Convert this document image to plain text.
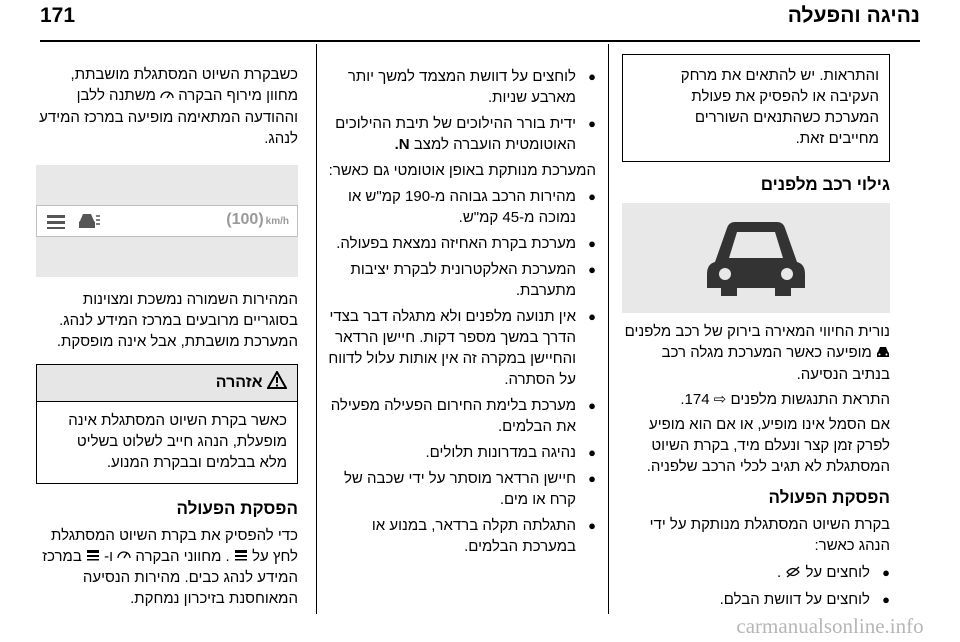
נהיגה והפעלה
171

והתראות. יש להתאים את מרחק

העקיבה או להפסיק את פעולת

המערכת כשהתנאים השוררים

מחייבים זאת.

גילוי רכב מלפנים

נורית החיווי המאירה בירוק של רכב מלפנים  מופיעה כאשר המערכת מגלה רכב בנתיב הנסיעה.

התראת התנגשות מלפנים ⇨ 174.

אם הסמל אינו מופיע, או אם הוא מופיע לפרק זמן קצר ונעלם מיד, בקרת השיוט המסתגלת לא תגיב לכלי הרכב שלפניה.

הפסקת הפעולה

בקרת השיוט המסתגלת מנותקת על ידי הנהג כאשר:

● לוחצים על  .
● לוחצים על דוושת הבלם.
● לוחצים על דוושת המצמד למשך יותר מארבע שניות.
● ידית בורר ההילוכים של תיבת ההילוכים האוטומטית הועברה למצב N.

המערכת מנותקת באופן אוטומטי גם כאשר:

● מהירות הרכב גבוהה מ-190 קמ"ש או נמוכה מ-45 קמ"ש.
● מערכת בקרת האחיזה נמצאת בפעולה.
● המערכת האלקטרונית לבקרת יציבות מתערבת.
● אין תנועה מלפנים ולא מתגלה דבר בצדי הדרך במשך מספר דקות. חיישן הרדאר והחיישן במקרה זה אין אותות עלול לדווח על הסתרה.
● מערכת בלימת החירום הפעילה מפעילה את הבלמים.
● נהיגה במדרונות תלולים.
● חיישן הרדאר מוסתר על ידי שכבה של קרח או מים.
● התגלתה תקלה ברדאר, במנוע או במערכת הבלמים.

כשבקרת השיוט המסתגלת מושבתת, מחוון מירוף הבקרה  משתנה ללבן וההודעה המתאימה מופיעה במרכז המידע לנהג.

(100) km/h

המהירות השמורה נמשכת ומצוינות בסוגריים מרובעים במרכז המידע לנהג. המערכת מושבתת, אבל אינה מופסקת.

אזהרה

כאשר בקרת השיוט המסתגלת אינה

מופעלת, הנהג חייב לשלוט בשליט

מלא בבלמים ובבקרת המנוע.

הפסקת הפעולה

כדי להפסיק את בקרת השיוט המסתגלת לחץ על  . מחווני הבקרה  ו-  במרכז המידע לנהג כבים. מהירות הנסיעה המאוחסנת בזיכרון נמחקת.

carmanualsonline.info
